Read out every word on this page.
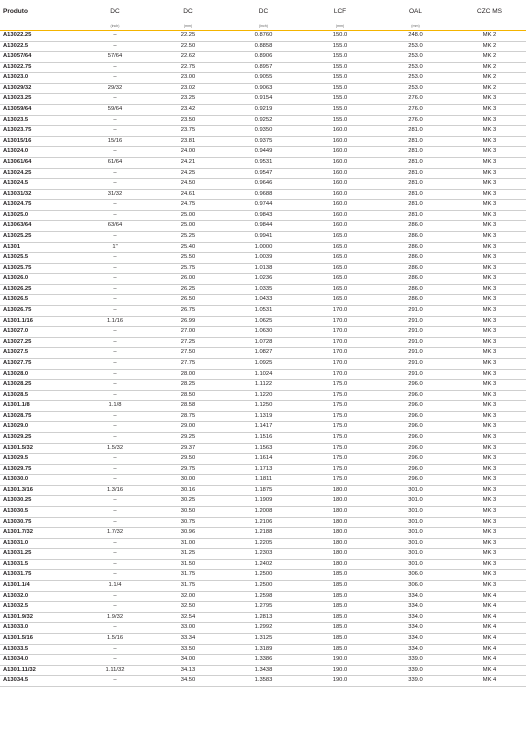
Produto	DC	DC	DC	LCF	OAL	CZC MS
	(inch)	(mm)	(inch)	(mm)	(mm)	

A13022.25	–	22.25	0.8760	150.0	248.0	MK 2
A13022.5	–	22.50	0.8858	155.0	253.0	MK 2
A13057/64	57/64	22.62	0.8906	155.0	253.0	MK 2
A13022.75	–	22.75	0.8957	155.0	253.0	MK 2
A13023.0	–	23.00	0.9055	155.0	253.0	MK 2
A13029/32	29/32	23.02	0.9063	155.0	253.0	MK 2
A13023.25	–	23.25	0.9154	155.0	276.0	MK 3
A13059/64	59/64	23.42	0.9219	155.0	276.0	MK 3
A13023.5	–	23.50	0.9252	155.0	276.0	MK 3
A13023.75	–	23.75	0.9350	160.0	281.0	MK 3
A13015/16	15/16	23.81	0.9375	160.0	281.0	MK 3
A13024.0	–	24.00	0.9449	160.0	281.0	MK 3
A13061/64	61/64	24.21	0.9531	160.0	281.0	MK 3
A13024.25	–	24.25	0.9547	160.0	281.0	MK 3
A13024.5	–	24.50	0.9646	160.0	281.0	MK 3
A13031/32	31/32	24.61	0.9688	160.0	281.0	MK 3
A13024.75	–	24.75	0.9744	160.0	281.0	MK 3
A13025.0	–	25.00	0.9843	160.0	281.0	MK 3
A13063/64	63/64	25.00	0.9844	160.0	286.0	MK 3
A13025.25	–	25.25	0.9941	165.0	286.0	MK 3
A1301	1"	25.40	1.0000	165.0	286.0	MK 3
A13025.5	–	25.50	1.0039	165.0	286.0	MK 3
A13025.75	–	25.75	1.0138	165.0	286.0	MK 3
A13026.0	–	26.00	1.0236	165.0	286.0	MK 3
A13026.25	–	26.25	1.0335	165.0	286.0	MK 3
A13026.5	–	26.50	1.0433	165.0	286.0	MK 3
A13026.75	–	26.75	1.0531	170.0	291.0	MK 3
A1301.1/16	1.1/16	26.99	1.0625	170.0	291.0	MK 3
A13027.0	–	27.00	1.0630	170.0	291.0	MK 3
A13027.25	–	27.25	1.0728	170.0	291.0	MK 3
A13027.5	–	27.50	1.0827	170.0	291.0	MK 3
A13027.75	–	27.75	1.0925	170.0	291.0	MK 3
A13028.0	–	28.00	1.1024	170.0	291.0	MK 3
A13028.25	–	28.25	1.1122	175.0	296.0	MK 3
A13028.5	–	28.50	1.1220	175.0	296.0	MK 3
A1301.1/8	1.1/8	28.58	1.1250	175.0	296.0	MK 3
A13028.75	–	28.75	1.1319	175.0	296.0	MK 3
A13029.0	–	29.00	1.1417	175.0	296.0	MK 3
A13029.25	–	29.25	1.1516	175.0	296.0	MK 3
A1301.5/32	1.5/32	29.37	1.1563	175.0	296.0	MK 3
A13029.5	–	29.50	1.1614	175.0	296.0	MK 3
A13029.75	–	29.75	1.1713	175.0	296.0	MK 3
A13030.0	–	30.00	1.1811	175.0	296.0	MK 3
A1301.3/16	1.3/16	30.16	1.1875	180.0	301.0	MK 3
A13030.25	–	30.25	1.1909	180.0	301.0	MK 3
A13030.5	–	30.50	1.2008	180.0	301.0	MK 3
A13030.75	–	30.75	1.2106	180.0	301.0	MK 3
A1301.7/32	1.7/32	30.96	1.2188	180.0	301.0	MK 3
A13031.0	–	31.00	1.2205	180.0	301.0	MK 3
A13031.25	–	31.25	1.2303	180.0	301.0	MK 3
A13031.5	–	31.50	1.2402	180.0	301.0	MK 3
A13031.75	–	31.75	1.2500	185.0	306.0	MK 3
A1301.1/4	1.1/4	31.75	1.2500	185.0	306.0	MK 3
A13032.0	–	32.00	1.2598	185.0	334.0	MK 4
A13032.5	–	32.50	1.2795	185.0	334.0	MK 4
A1301.9/32	1.9/32	32.54	1.2813	185.0	334.0	MK 4
A13033.0	–	33.00	1.2992	185.0	334.0	MK 4
A1301.5/16	1.5/16	33.34	1.3125	185.0	334.0	MK 4
A13033.5	–	33.50	1.3189	185.0	334.0	MK 4
A13034.0	–	34.00	1.3386	190.0	339.0	MK 4
A1301.11/32	1.11/32	34.13	1.3438	190.0	339.0	MK 4
A13034.5	–	34.50	1.3583	190.0	339.0	MK 4
